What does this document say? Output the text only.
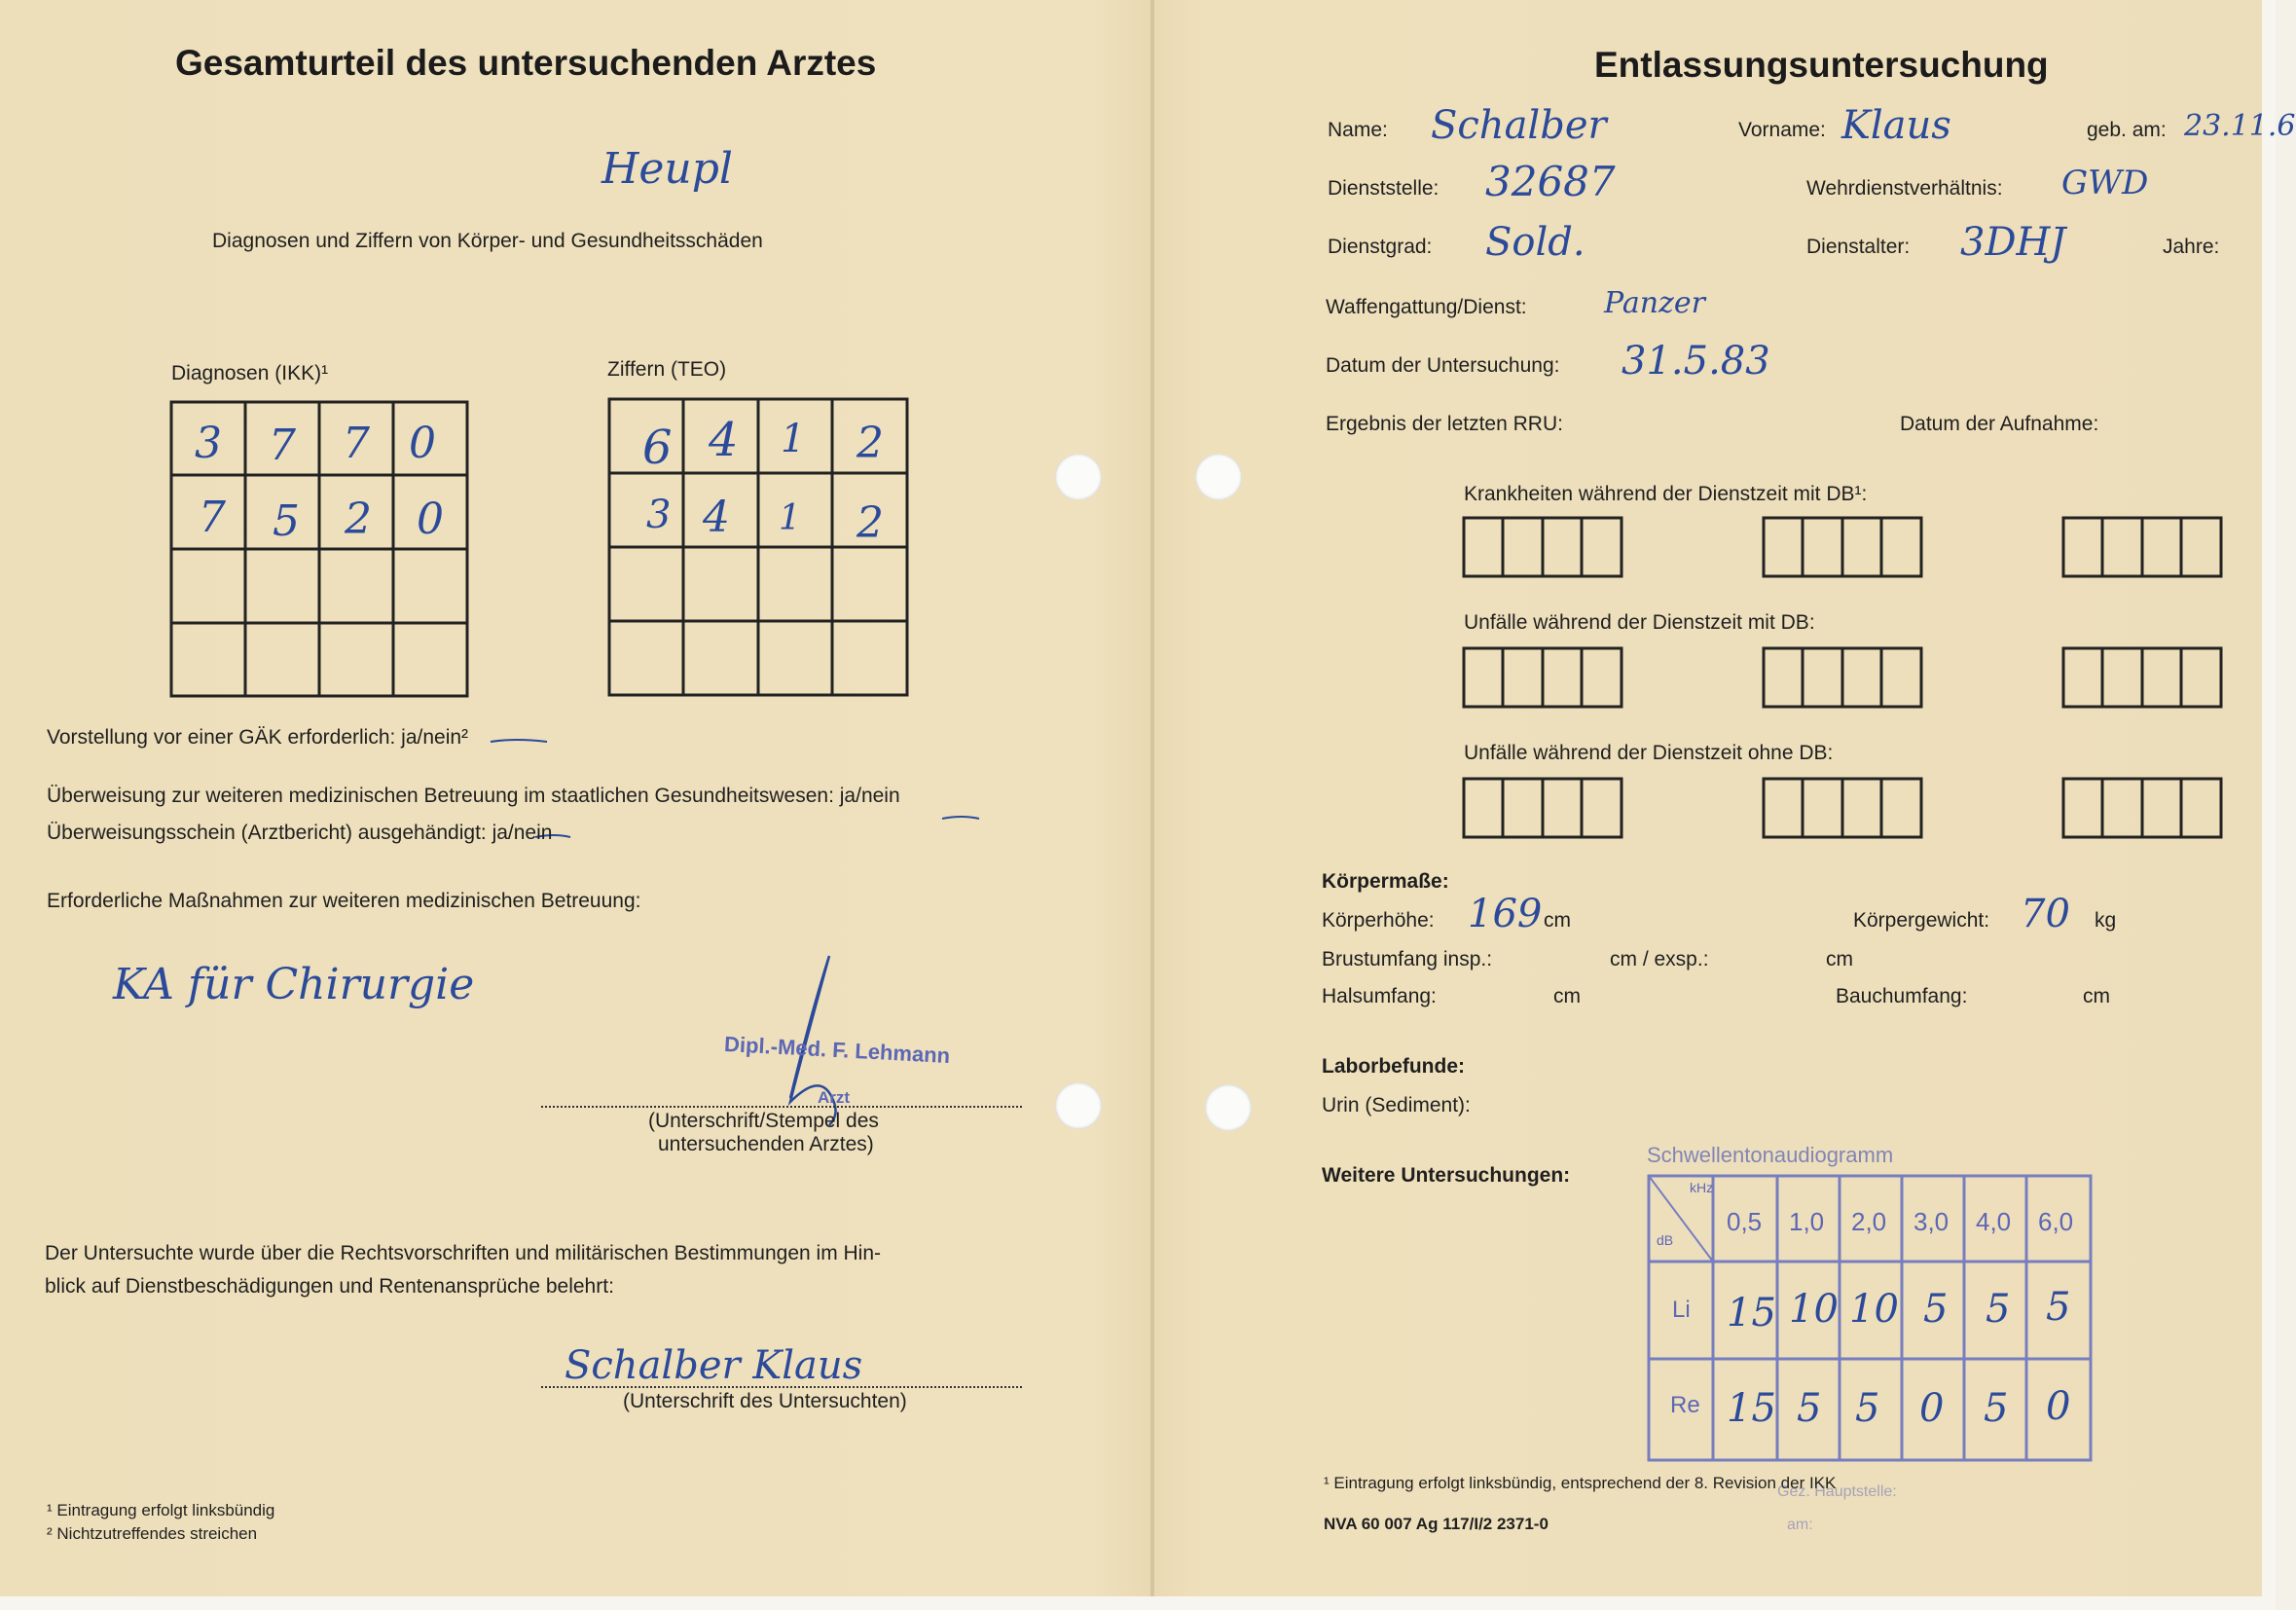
Gesamturteil des untersuchenden Arztes
Heupl
Diagnosen und Ziffern von Körper- und Gesundheitsschäden
Diagnosen (IKK)¹	Ziffern (TEO)
3 7 7 0
7 5 2 0
6 4 1 2
3 4 1 2
Vorstellung vor einer GÄK erforderlich: ja/nein²
Überweisung zur weiteren medizinischen Betreuung im staatlichen Gesundheitswesen: ja/nein
Überweisungsschein (Arztbericht) ausgehändigt: ja/nein
Erforderliche Maßnahmen zur weiteren medizinischen Betreuung:
KA für Chirurgie
Dipl.-Med. F. Lehmann
Arzt
(Unterschrift/Stempel des
untersuchenden Arztes)
Der Untersuchte wurde über die Rechtsvorschriften und militärischen Bestimmungen im Hin-
blick auf Dienstbeschädigungen und Rentenansprüche belehrt:
Schalber Klaus
(Unterschrift des Untersuchten)
¹ Eintragung erfolgt linksbündig
² Nichtzutreffendes streichen
Entlassungsuntersuchung
Name: Schalber	Vorname: Klaus	geb. am: 23.11.6
Dienststelle: 32687	Wehrdienstverhältnis: GWD
Dienstgrad: Sold.	Dienstalter: 3DHJ	Jahre:
Waffengattung/Dienst:	Panzer
Datum der Untersuchung: 31.5.83
Ergebnis der letzten RRU:	Datum der Aufnahme:
Krankheiten während der Dienstzeit mit DB¹:
Unfälle während der Dienstzeit mit DB:
Unfälle während der Dienstzeit ohne DB:
Körpermaße:
Körperhöhe: 169 cm	Körpergewicht: 70 kg
Brustumfang insp.:	cm / exsp.:	cm
Halsumfang:	cm	Bauchumfang:	cm
Laborbefunde:
Urin (Sediment):
Weitere Untersuchungen:
Schwellentonaudiogramm
kHz
dB
0,5 1,0 2,0 3,0 4,0 6,0
Li 15 10 10 5 5 5
Re 15 5 5 0 5 0
¹ Eintragung erfolgt linksbündig, entsprechend der 8. Revision der IKK
NVA 60 007 Ag 117/I/2 2371-0
Gez. Hauptstelle:
am:
